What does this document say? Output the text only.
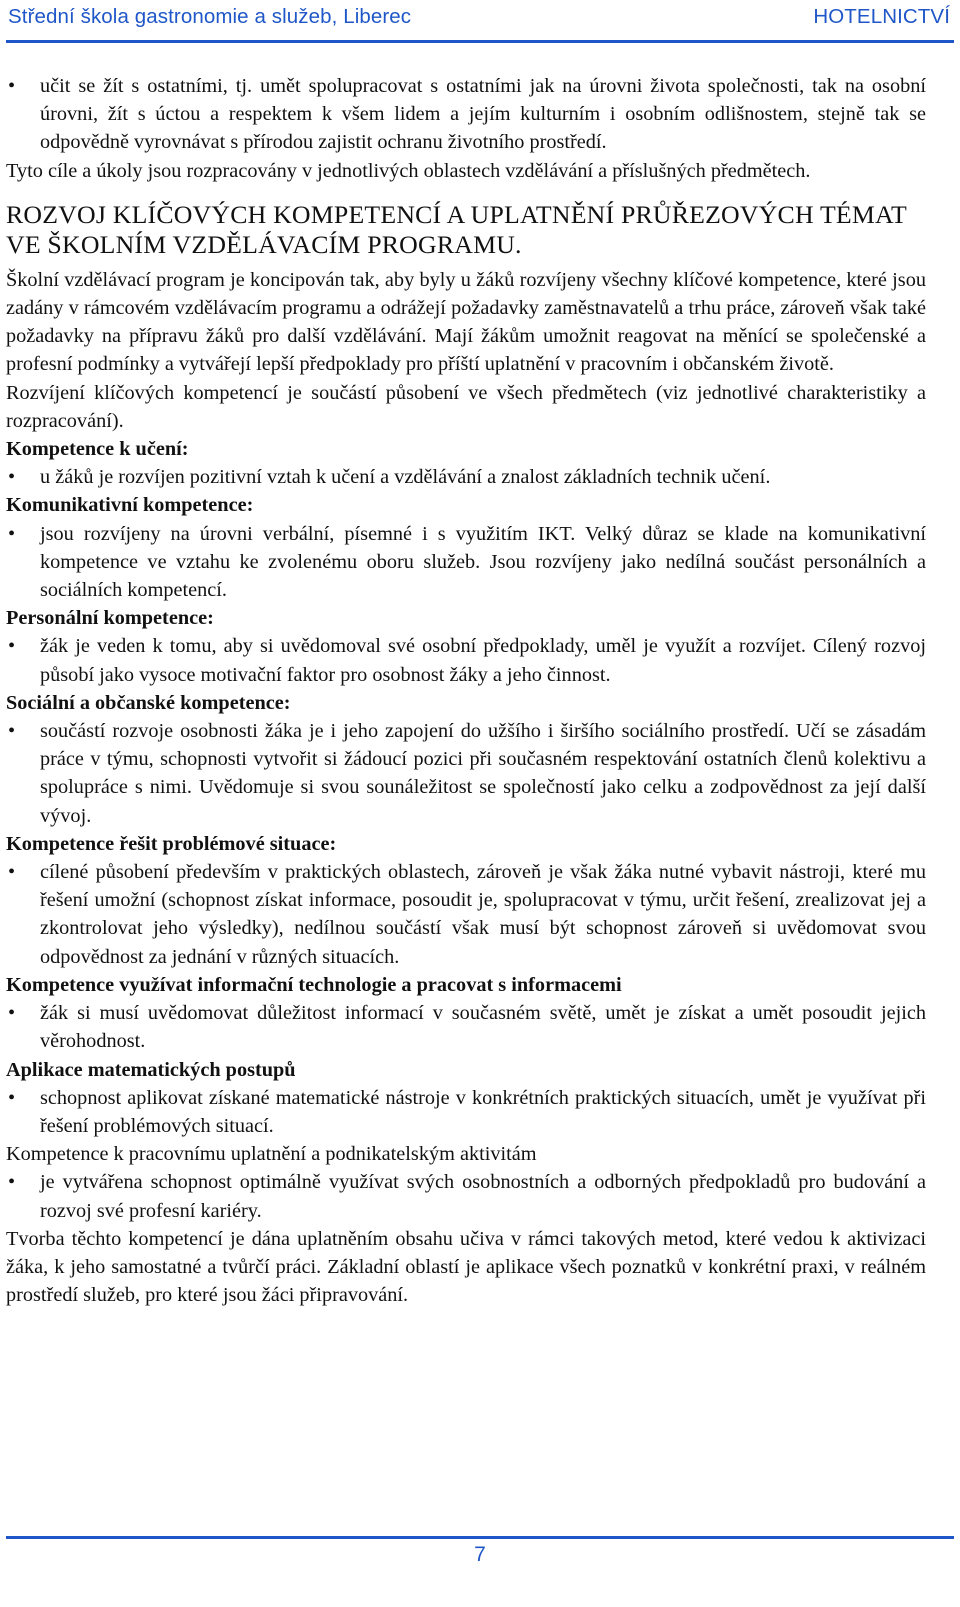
Střední škola gastronomie a služeb, Liberec	HOTELNICTVÍ

• učit se žít s ostatními, tj. umět spolupracovat s ostatními jak na úrovni života společnosti, tak na osobní úrovni, žít s úctou a respektem k všem lidem a jejím kulturním i osobním odlišnostem, stejně tak se odpovědně vyrovnávat s přírodou zajistit ochranu životního prostředí.

Tyto cíle a úkoly jsou rozpracovány v jednotlivých oblastech vzdělávání a příslušných předmětech.

ROZVOJ KLÍČOVÝCH KOMPETENCÍ A UPLATNĚNÍ PRŮŘEZOVÝCH TÉMAT VE ŠKOLNÍM VZDĚLÁVACÍM PROGRAMU.

Školní vzdělávací program je koncipován tak, aby byly u žáků rozvíjeny všechny klíčové kompetence, které jsou zadány v rámcovém vzdělávacím programu a odrážejí požadavky zaměstnavatelů a trhu práce, zároveň však také požadavky na přípravu žáků pro další vzdělávání. Mají žákům umožnit reagovat na měnící se společenské a profesní podmínky a vytvářejí lepší předpoklady pro příští uplatnění v pracovním i občanském životě.

Rozvíjení klíčových kompetencí je součástí působení ve všech předmětech (viz jednotlivé charakteristiky a rozpracování).

Kompetence k učení:

• u žáků je rozvíjen pozitivní vztah k učení a vzdělávání a znalost základních technik učení.

Komunikativní kompetence:

• jsou rozvíjeny na úrovni verbální, písemné i s využitím IKT. Velký důraz se klade na komunikativní kompetence ve vztahu ke zvolenému oboru služeb. Jsou rozvíjeny jako nedílná součást personálních a sociálních kompetencí.

Personální kompetence:

• žák je veden k tomu, aby si uvědomoval své osobní předpoklady, uměl je využít a rozvíjet. Cílený rozvoj působí jako vysoce motivační faktor pro osobnost žáky a jeho činnost.

Sociální a občanské kompetence:

• součástí rozvoje osobnosti žáka je i jeho zapojení do užšího i širšího sociálního prostředí. Učí se zásadám práce v týmu, schopnosti vytvořit si žádoucí pozici při současném respektování ostatních členů kolektivu a spolupráce s nimi. Uvědomuje si svou sounáležitost se společností jako celku a zodpovědnost za její další vývoj.

Kompetence řešit problémové situace:

• cílené působení především v praktických oblastech, zároveň je však žáka nutné vybavit nástroji, které mu řešení umožní (schopnost získat informace, posoudit je, spolupracovat v týmu, určit řešení, zrealizovat jej a zkontrolovat jeho výsledky), nedílnou součástí však musí být schopnost zároveň si uvědomovat svou odpovědnost za jednání v různých situacích.

Kompetence využívat informační technologie a pracovat s informacemi

• žák si musí uvědomovat důležitost informací v současném světě, umět je získat a umět posoudit jejich věrohodnost.

Aplikace matematických postupů

• schopnost aplikovat získané matematické nástroje v konkrétních praktických situacích, umět je využívat při řešení problémových situací.

Kompetence k pracovnímu uplatnění a podnikatelským aktivitám

• je vytvářena schopnost optimálně využívat svých osobnostních a odborných předpokladů pro budování a rozvoj své profesní kariéry.

Tvorba těchto kompetencí je dána uplatněním obsahu učiva v rámci takových metod, které vedou k aktivizaci žáka, k jeho samostatné a tvůrčí práci. Základní oblastí je aplikace všech poznatků v konkrétní praxi, v reálném prostředí služeb, pro které jsou žáci připravování.

7
